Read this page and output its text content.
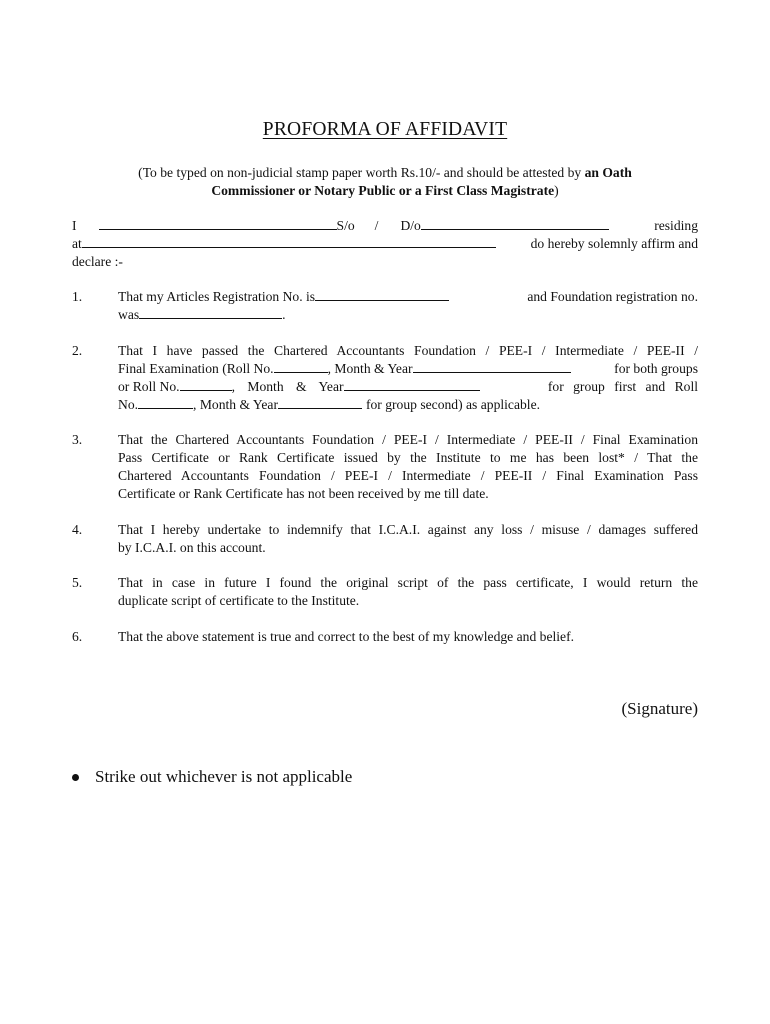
PROFORMA OF AFFIDAVIT
(To be typed on non-judicial stamp paper worth Rs.10/- and should be attested by an Oath
Commissioner or Notary Public or a First Class Magistrate)
I	S/o / D/o	residing
at	do hereby solemnly affirm and
declare :-
1.	That my Articles Registration No. is	and Foundation registration no.
was	.
2.	That I have passed the Chartered Accountants Foundation / PEE-I / Intermediate / PEE-II /
Final Examination (Roll No.	, Month & Year	for both groups
or Roll No.	, Month & Year	for group first and Roll
No.	, Month & Year	for group second) as applicable.
3.	That the Chartered Accountants Foundation / PEE-I / Intermediate / PEE-II / Final Examination
Pass Certificate or Rank Certificate issued by the Institute to me has been lost* / That the
Chartered Accountants Foundation / PEE-I / Intermediate / PEE-II / Final Examination Pass
Certificate or Rank Certificate has not been received by me till date.
4.	That I hereby undertake to indemnify that I.C.A.I. against any loss / misuse / damages suffered
by I.C.A.I. on this account.
5.	That in case in future I found the original script of the pass certificate, I would return the
duplicate script of certificate to the Institute.
6.	That the above statement is true and correct to the best of my knowledge and belief.
(Signature)
Strike out whichever is not applicable
